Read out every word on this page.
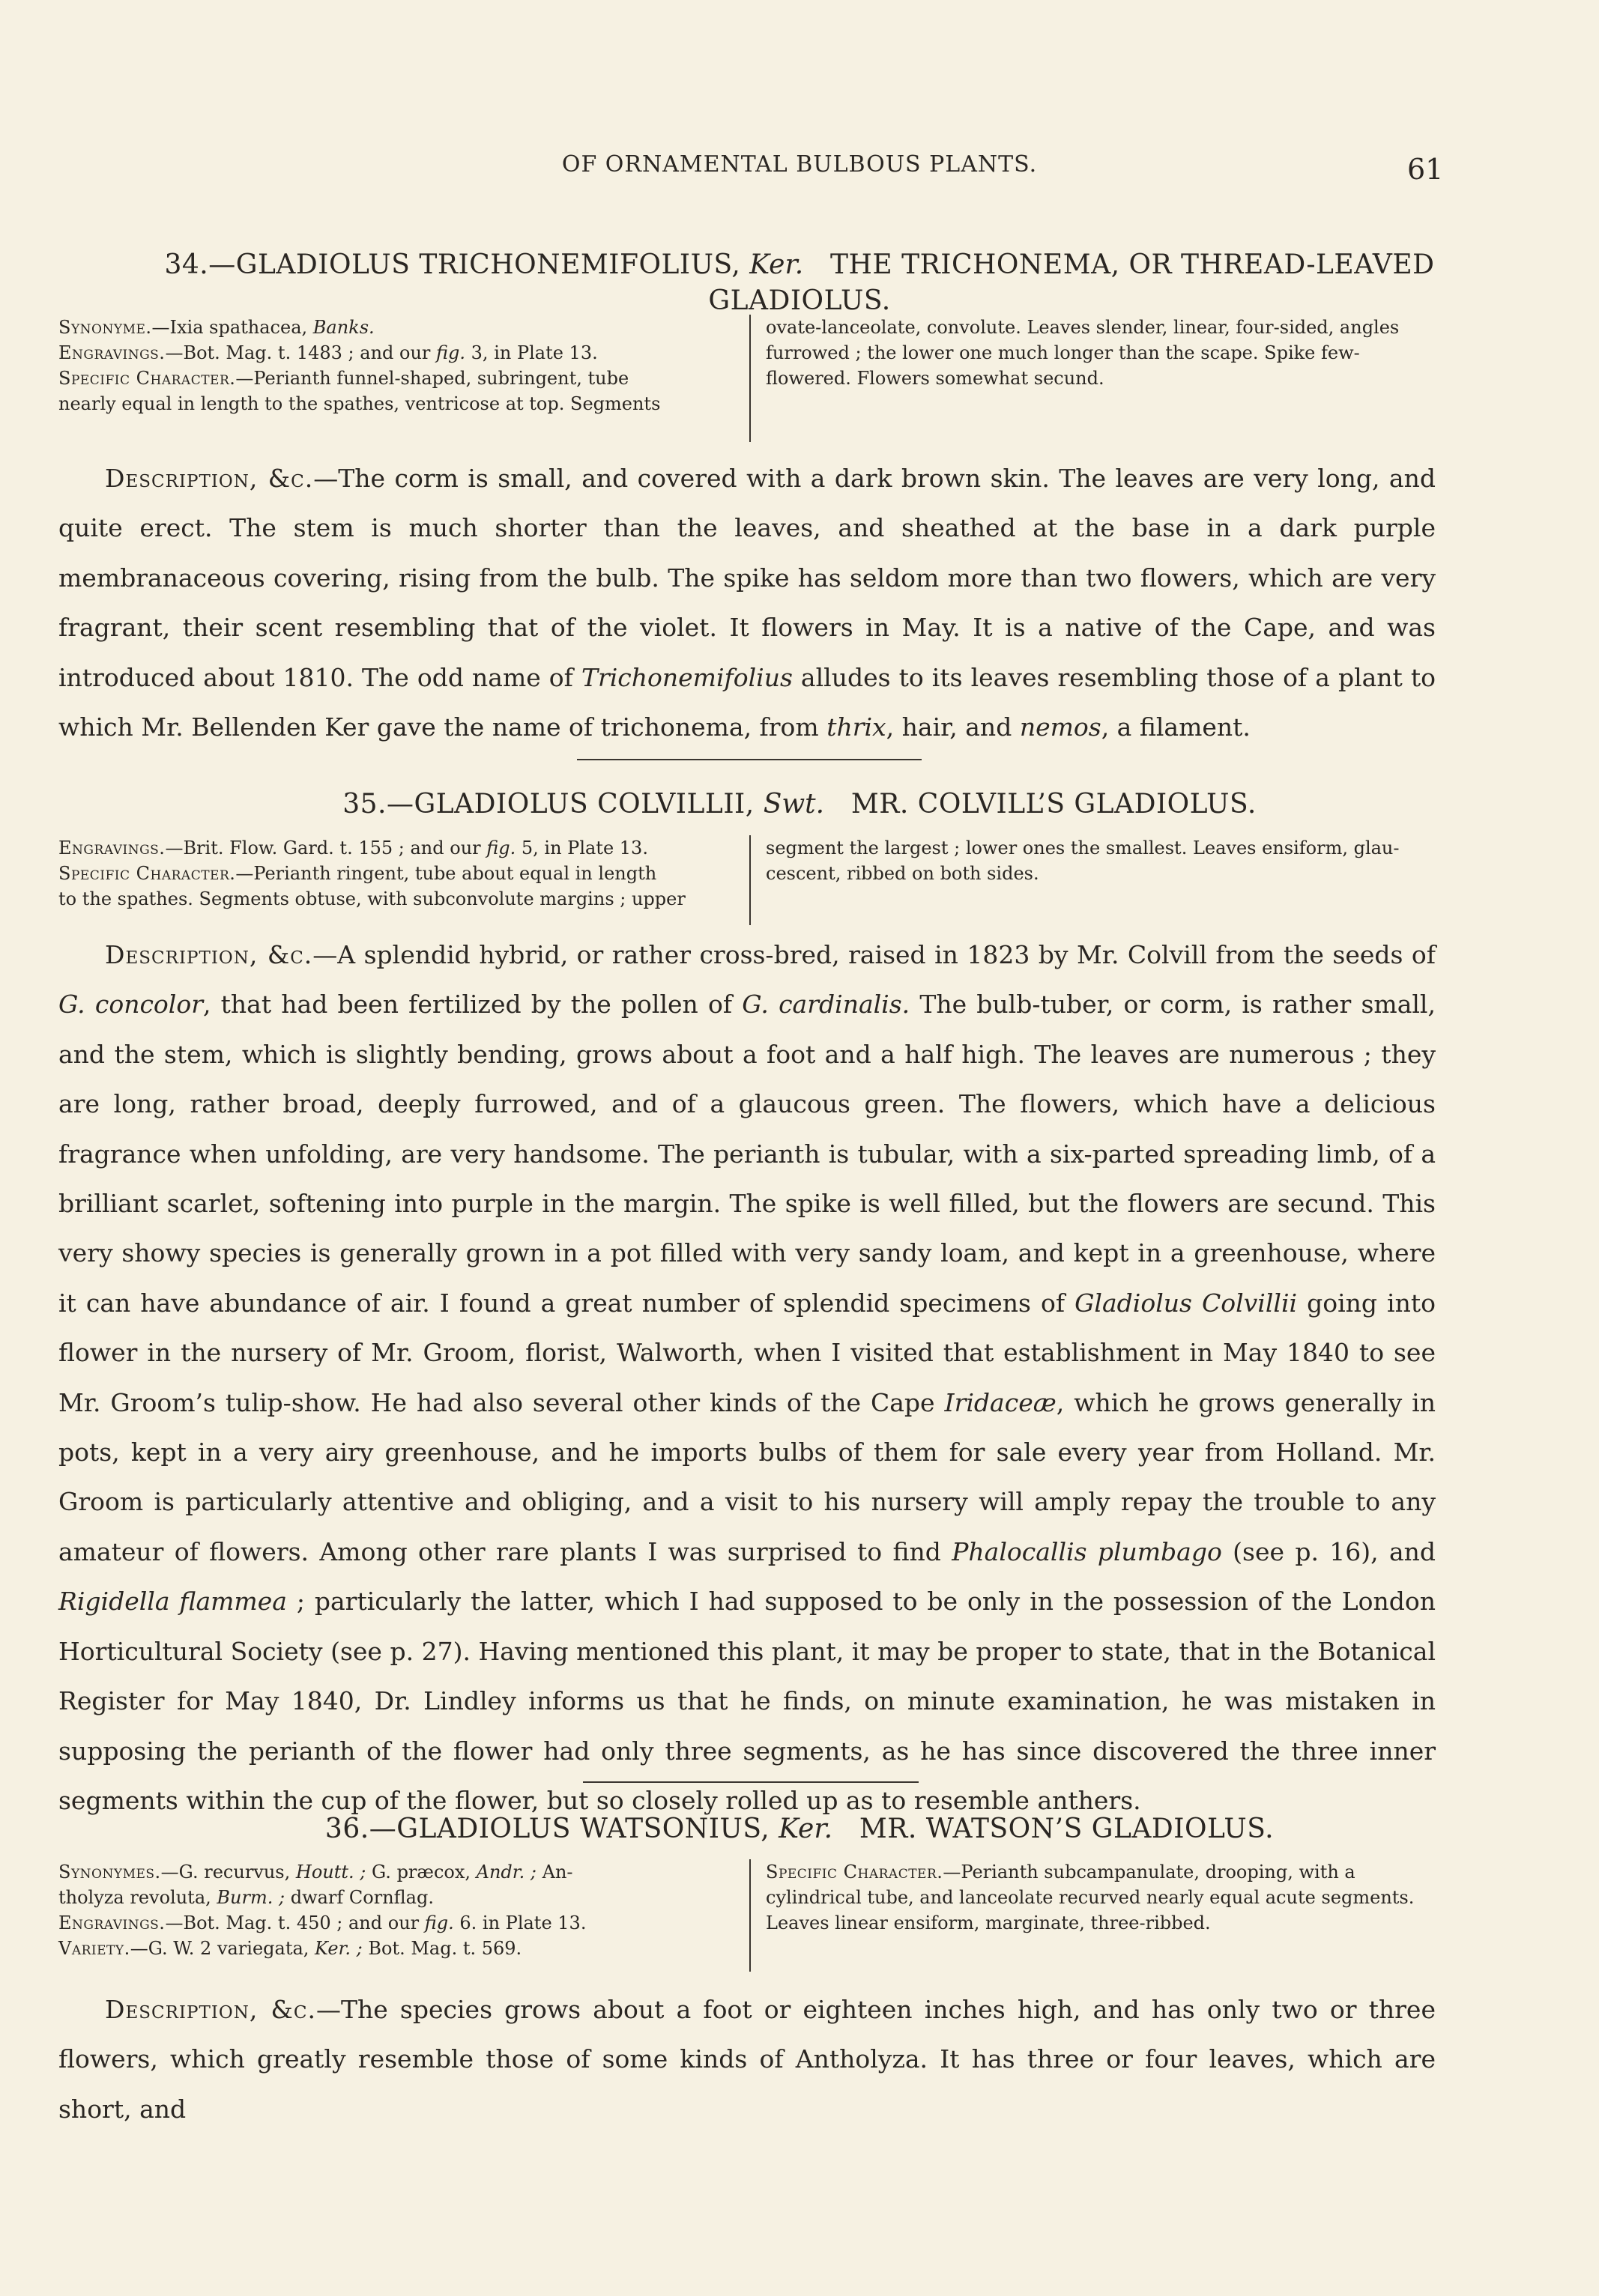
OF ORNAMENTAL BULBOUS PLANTS.	61
34.—GLADIOLUS TRICHONEMIFOLIUS, Ker. THE TRICHONEMA, OR THREAD-LEAVED
GLADIOLUS.
Synonyme.—Ixia spathacea, Banks.
Engravings.—Bot. Mag. t. 1483 ; and our fig. 3, in Plate 13.
Specific Character.—Perianth funnel-shaped, subringent, tube
nearly equal in length to the spathes, ventricose at top. Segments
ovate-lanceolate, convolute. Leaves slender, linear, four-sided, angles
furrowed ; the lower one much longer than the scape. Spike few-
flowered. Flowers somewhat secund.
Description, &c.—The corm is small, and covered with a dark brown skin. The leaves are very long, and quite erect. The stem is much shorter than the leaves, and sheathed at the base in a dark purple membranaceous covering, rising from the bulb. The spike has seldom more than two flowers, which are very fragrant, their scent resembling that of the violet. It flowers in May. It is a native of the Cape, and was introduced about 1810. The odd name of Trichonemifolius alludes to its leaves resembling those of a plant to which Mr. Bellenden Ker gave the name of trichonema, from thrix, hair, and nemos, a filament.
35.—GLADIOLUS COLVILLII, Swt. MR. COLVILL’S GLADIOLUS.
Engravings.—Brit. Flow. Gard. t. 155 ; and our fig. 5, in Plate 13.
Specific Character.—Perianth ringent, tube about equal in length
to the spathes. Segments obtuse, with subconvolute margins ; upper
segment the largest ; lower ones the smallest. Leaves ensiform, glau-
cescent, ribbed on both sides.
Description, &c.—A splendid hybrid, or rather cross-bred, raised in 1823 by Mr. Colvill from the seeds of G. concolor, that had been fertilized by the pollen of G. cardinalis. The bulb-tuber, or corm, is rather small, and the stem, which is slightly bending, grows about a foot and a half high. The leaves are numerous ; they are long, rather broad, deeply furrowed, and of a glaucous green. The flowers, which have a delicious fragrance when unfolding, are very handsome. The perianth is tubular, with a six-parted spreading limb, of a brilliant scarlet, softening into purple in the margin. The spike is well filled, but the flowers are secund. This very showy species is generally grown in a pot filled with very sandy loam, and kept in a greenhouse, where it can have abundance of air. I found a great number of splendid specimens of Gladiolus Colvillii going into flower in the nursery of Mr. Groom, florist, Walworth, when I visited that establishment in May 1840 to see Mr. Groom’s tulip-show. He had also several other kinds of the Cape Iridaceæ, which he grows generally in pots, kept in a very airy greenhouse, and he imports bulbs of them for sale every year from Holland. Mr. Groom is particularly attentive and obliging, and a visit to his nursery will amply repay the trouble to any amateur of flowers. Among other rare plants I was surprised to find Phalocallis plumbago (see p. 16), and Rigidella flammea ; particularly the latter, which I had supposed to be only in the possession of the London Horticultural Society (see p. 27). Having mentioned this plant, it may be proper to state, that in the Botanical Register for May 1840, Dr. Lindley informs us that he finds, on minute examination, he was mistaken in supposing the perianth of the flower had only three segments, as he has since discovered the three inner segments within the cup of the flower, but so closely rolled up as to resemble anthers.
36.—GLADIOLUS WATSONIUS, Ker. MR. WATSON’S GLADIOLUS.
Synonymes.—G. recurvus, Houtt. ; G. præcox, Andr. ; An-
tholyza revoluta, Burm. ; dwarf Cornflag.
Engravings.—Bot. Mag. t. 450 ; and our fig. 6. in Plate 13.
Variety.—G. W. 2 variegata, Ker. ; Bot. Mag. t. 569.
Specific Character.—Perianth subcampanulate, drooping, with a
cylindrical tube, and lanceolate recurved nearly equal acute segments.
Leaves linear ensiform, marginate, three-ribbed.
Description, &c.—The species grows about a foot or eighteen inches high, and has only two or three flowers, which greatly resemble those of some kinds of Antholyza. It has three or four leaves, which are short, and
